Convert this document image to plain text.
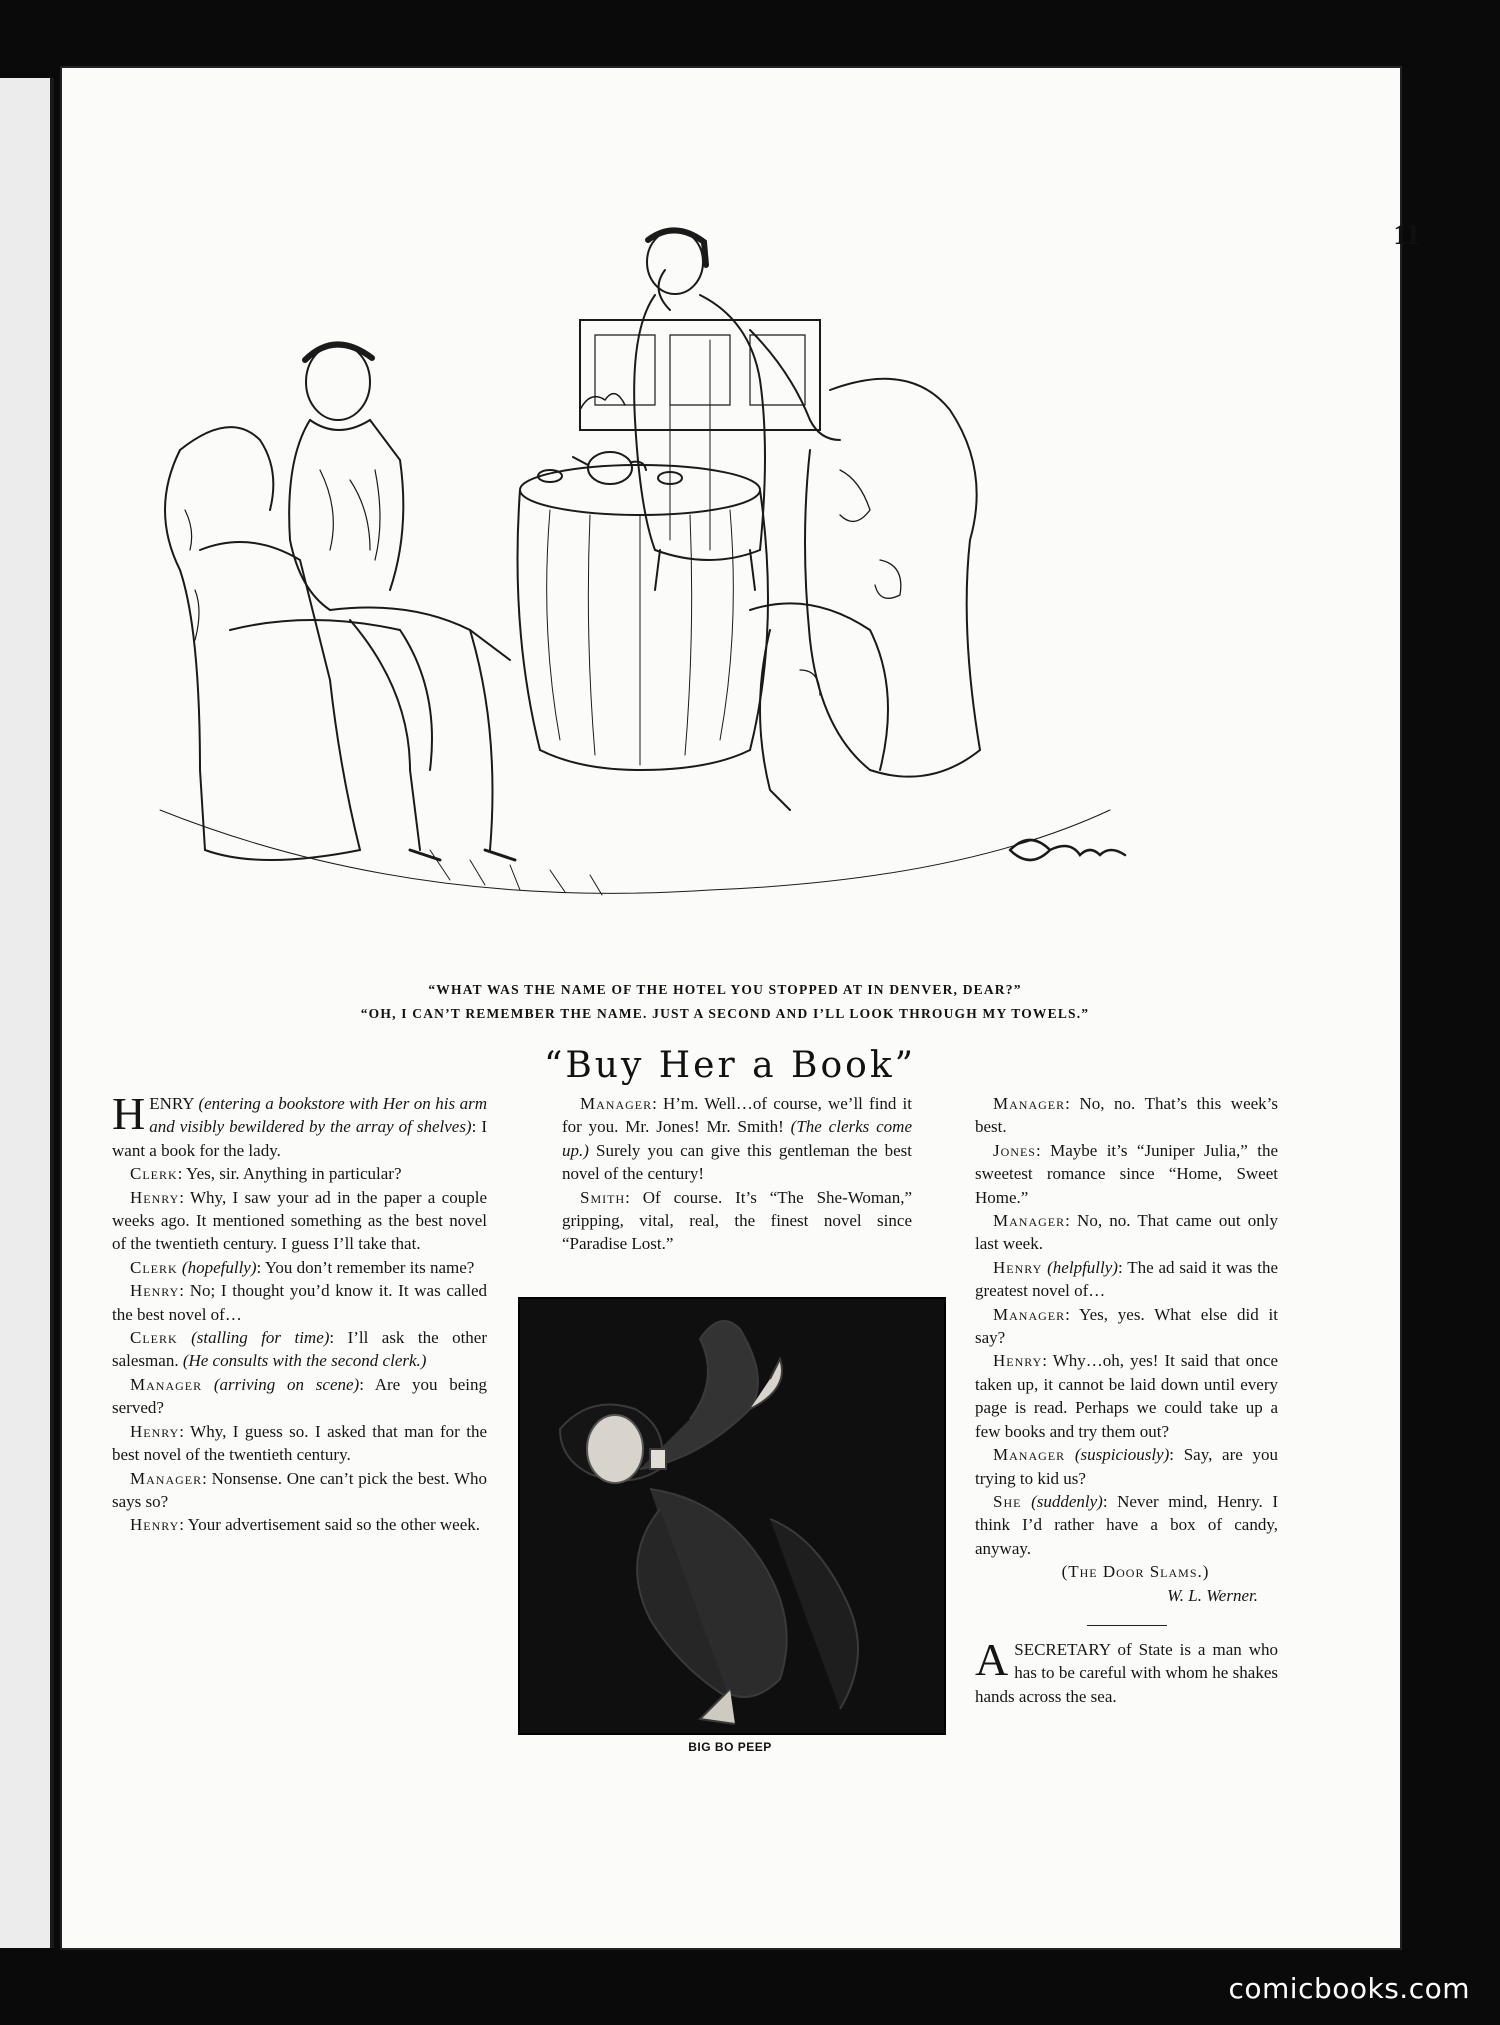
11
“WHAT WAS THE NAME OF THE HOTEL YOU STOPPED AT IN DENVER, DEAR?”
“OH, I CAN’T REMEMBER THE NAME. JUST A SECOND AND I’LL LOOK THROUGH MY TOWELS.”
“Buy Her a Book”

HENRY (entering a bookstore with Her on his arm and visibly bewildered by the array of shelves): I want a book for the lady.

Clerk: Yes, sir. Anything in particular?

Henry: Why, I saw your ad in the paper a couple weeks ago. It mentioned something as the best novel of the twentieth century. I guess I’ll take that.

Clerk (hopefully): You don’t remember its name?

Henry: No; I thought you’d know it. It was called the best novel of…

Clerk (stalling for time): I’ll ask the other salesman. (He consults with the second clerk.)

Manager (arriving on scene): Are you being served?

Henry: Why, I guess so. I asked that man for the best novel of the twentieth century.

Manager: Nonsense. One can’t pick the best. Who says so?

Henry: Your advertisement said so the other week.

Manager: H’m. Well…of course, we’ll find it for you. Mr. Jones! Mr. Smith! (The clerks come up.) Surely you can give this gentleman the best novel of the century!

Smith: Of course. It’s “The She-Woman,” gripping, vital, real, the finest novel since “Paradise Lost.”

BIG BO PEEP

Manager: No, no. That’s this week’s best.

Jones: Maybe it’s “Juniper Julia,” the sweetest romance since “Home, Sweet Home.”

Manager: No, no. That came out only last week.

Henry (helpfully): The ad said it was the greatest novel of…

Manager: Yes, yes. What else did it say?

Henry: Why…oh, yes! It said that once taken up, it cannot be laid down until every page is read. Perhaps we could take up a few books and try them out?

Manager (suspiciously): Say, are you trying to kid us?

She (suddenly): Never mind, Henry. I think I’d rather have a box of candy, anyway.

(The Door Slams.)

W. L. Werner.

ASECRETARY of State is a man who has to be careful with whom he shakes hands across the sea.

comicbooks.com
